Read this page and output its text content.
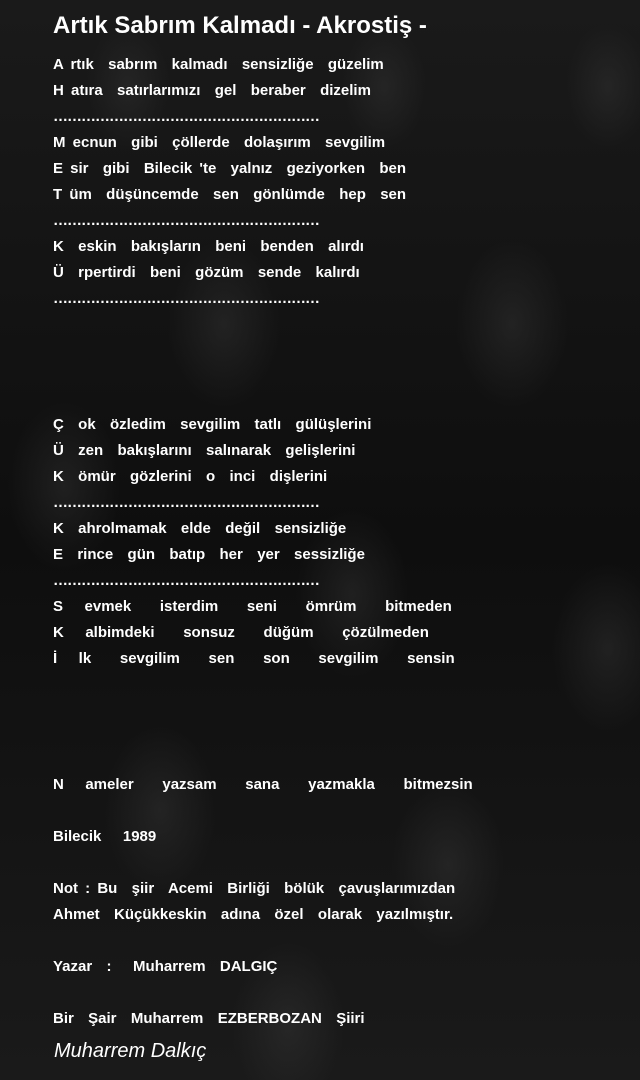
Artık Sabrım Kalmadı - Akrostiş -
A rtık  sabrım  kalmadı  sensizliğe  güzelim
H atıra  satırlarımızı  gel  beraber  dizelim
…………………………………………………
M ecnun  gibi  çöllerde  dolaşırım  sevgilim
E sir  gibi  Bilecik 'te  yalnız  geziyorken  ben
T üm  düşüncemde  sen  gönlümde  hep  sen
…………………………………………………
K  eskin  bakışların  beni  benden  alırdı
Ü  rpertirdi  beni  gözüm  sende  kalırdı
…………………………………………………
Ç  ok  özledim  sevgilim  tatlı  gülüşlerini
Ü  zen  bakışlarını  salınarak  gelişlerini
K  ömür  gözlerini  o  inci  dişlerini
…………………………………………………
K  ahrolmamak  elde  değil  sensizliğe
E  rince  gün  batıp  her  yer  sessizliğe
…………………………………………………
S   evmek    isterdim    seni    ömrüm    bitmeden
K   albimdeki    sonsuz    düğüm    çözülmeden
İ   lk    sevgilim    sen    son    sevgilim    sensin
N   ameler    yazsam    sana    yazmakla    bitmezsin
Bilecik   1989
Not : Bu  şiir  Acemi  Birliği  bölük  çavuşlarımızdan
Ahmet  Küçükkeskin  adına  özel  olarak  yazılmıştır.
Yazar  :   Muharrem  DALGIÇ
Bir  Şair  Muharrem  EZBERBOZAN  Şiiri
Muharrem Dalkıç
